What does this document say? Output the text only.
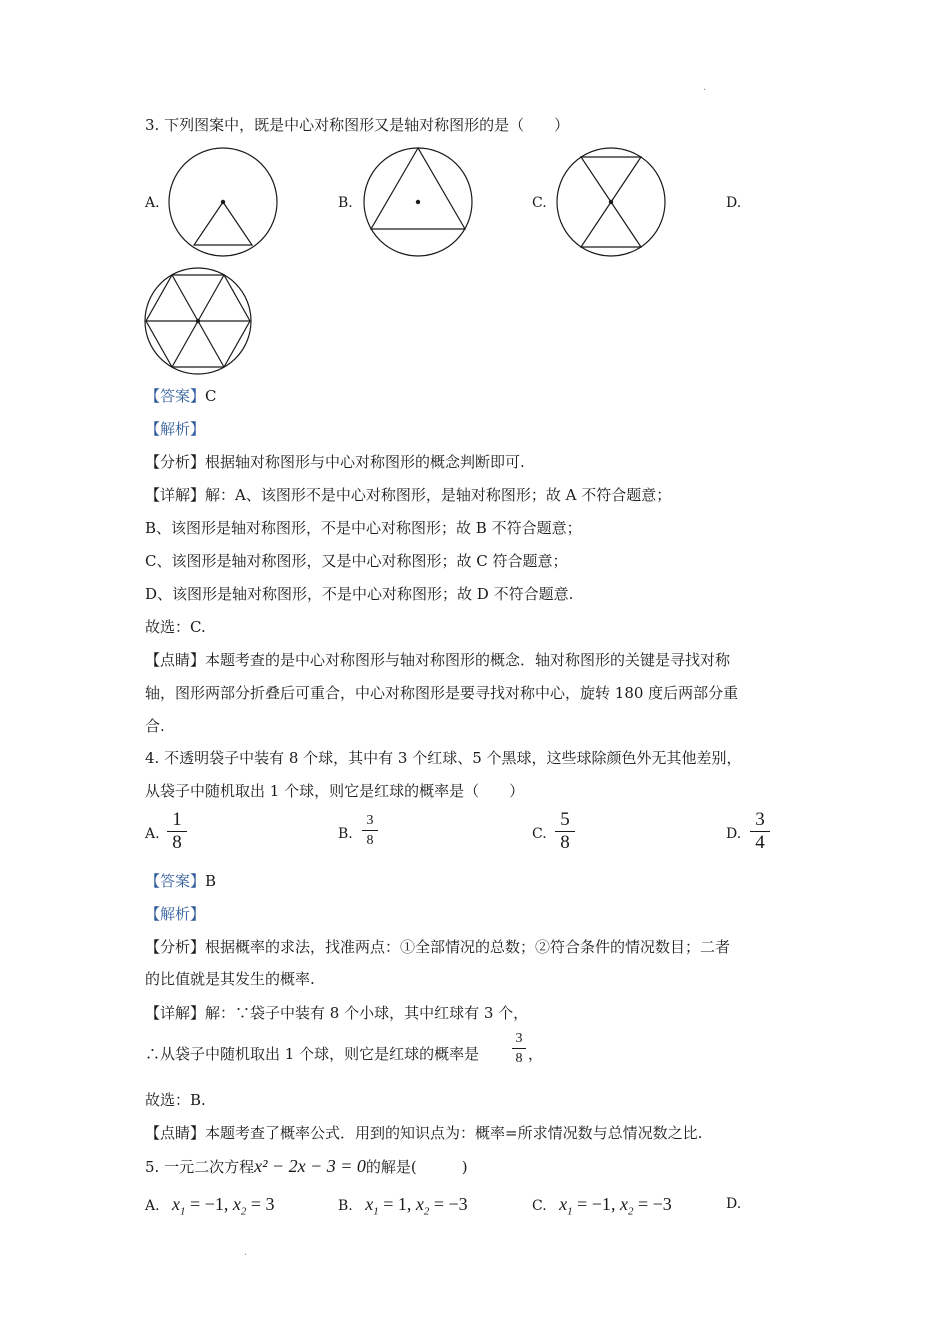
.
.
3. 下列图案中，既是中心对称图形又是轴对称图形的是（　　）
A.	B.	C.	D.
【答案】C
【解析】
【分析】根据轴对称图形与中心对称图形的概念判断即可.
【详解】解：A、该图形不是中心对称图形，是轴对称图形；故 A 不符合题意；
B、该图形是轴对称图形，不是中心对称图形；故 B 不符合题意；
C、该图形是轴对称图形，又是中心对称图形；故 C 符合题意；
D、该图形是轴对称图形，不是中心对称图形；故 D 不符合题意.
故选：C.
【点睛】本题考查的是中心对称图形与轴对称图形的概念．轴对称图形的关键是寻找对称
轴，图形两部分折叠后可重合，中心对称图形是要寻找对称中心，旋转 180 度后两部分重
合.
4. 不透明袋子中装有 8 个球，其中有 3 个红球、5 个黑球，这些球除颜色外无其他差别，
从袋子中随机取出 1 个球，则它是红球的概率是（　　）
A.
1
8	B.
3
8	C.
5
8	D.
3
4
【答案】B
【解析】
【分析】根据概率的求法，找准两点：①全部情况的总数；②符合条件的情况数目；二者
的比值就是其发生的概率.
【详解】解：∵袋子中装有 8 个小球，其中红球有 3 个，
∴从袋子中随机取出 1 个球，则它是红球的概率是
3
8 ，
故选：B.
【点睛】本题考查了概率公式．用到的知识点为：概率=所求情况数与总情况数之比.
5. 一元二次方程x² − 2x − 3 = 0的解是(　　　)
A. $x_1 = -1$, $x_2 = 3$	B. $x_1 = 1$, $x_2 = -3$	C. $x_1 = -1$, $x_2 = -3$	D.
